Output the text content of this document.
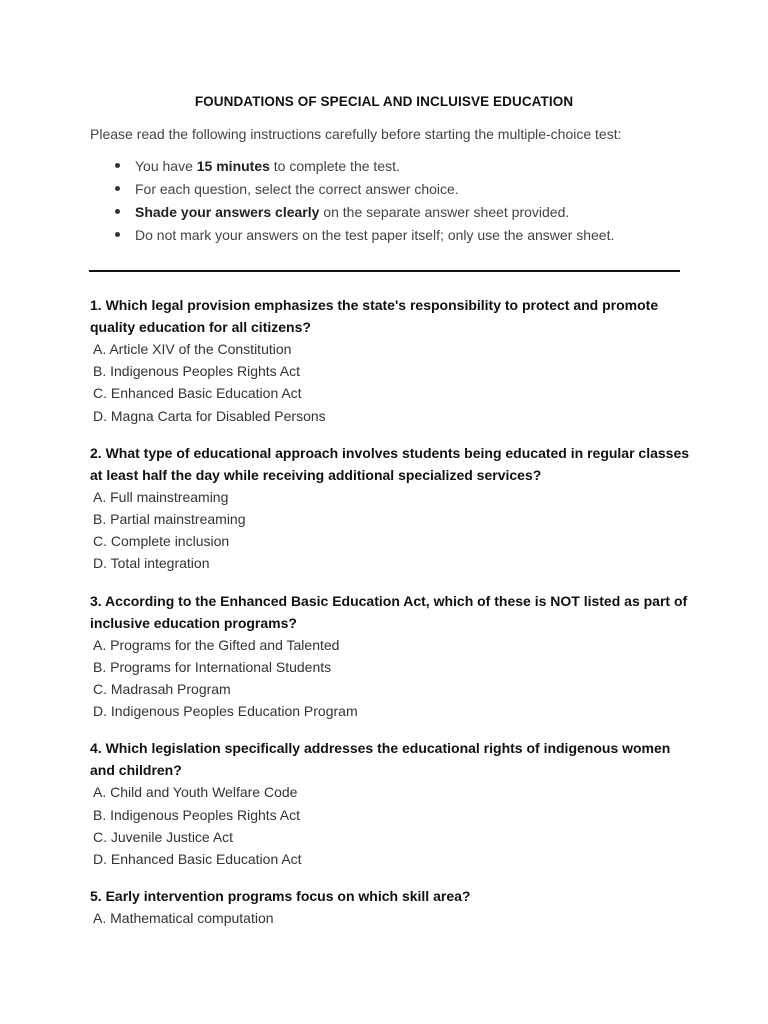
FOUNDATIONS OF SPECIAL AND INCLUISVE EDUCATION
Please read the following instructions carefully before starting the multiple-choice test:
You have 15 minutes to complete the test.
For each question, select the correct answer choice.
Shade your answers clearly on the separate answer sheet provided.
Do not mark your answers on the test paper itself; only use the answer sheet.
1. Which legal provision emphasizes the state's responsibility to protect and promote quality education for all citizens?
A. Article XIV of the Constitution
B. Indigenous Peoples Rights Act
C. Enhanced Basic Education Act
D. Magna Carta for Disabled Persons
2. What type of educational approach involves students being educated in regular classes at least half the day while receiving additional specialized services?
A. Full mainstreaming
B. Partial mainstreaming
C. Complete inclusion
D. Total integration
3. According to the Enhanced Basic Education Act, which of these is NOT listed as part of inclusive education programs?
A. Programs for the Gifted and Talented
B. Programs for International Students
C. Madrasah Program
D. Indigenous Peoples Education Program
4. Which legislation specifically addresses the educational rights of indigenous women and children?
A. Child and Youth Welfare Code
B. Indigenous Peoples Rights Act
C. Juvenile Justice Act
D. Enhanced Basic Education Act
5. Early intervention programs focus on which skill area?
A. Mathematical computation
